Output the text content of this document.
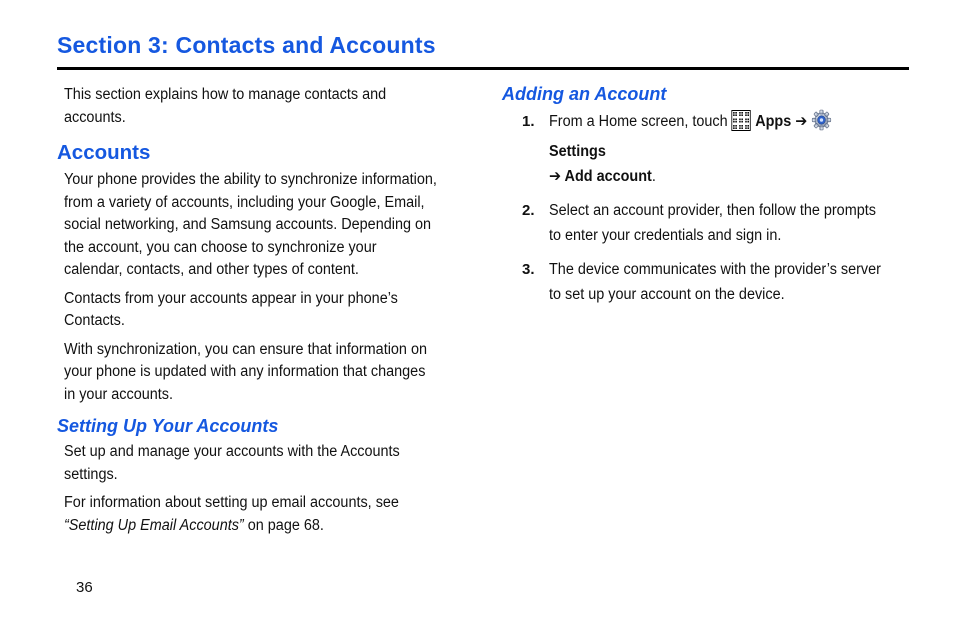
Section 3: Contacts and Accounts

This section explains how to manage contacts and accounts.

Accounts

Your phone provides the ability to synchronize information, from a variety of accounts, including your Google, Email, social networking, and Samsung accounts. Depending on the account, you can choose to synchronize your calendar, contacts, and other types of content.

Contacts from your accounts appear in your phone’s Contacts.

With synchronization, you can ensure that information on your phone is updated with any information that changes in your accounts.

Setting Up Your Accounts

Set up and manage your accounts with the Accounts settings.

For information about setting up email accounts, see “Setting Up Email Accounts” on page 68.

Adding an Account
1. From a Home screen, touch  Apps ➔  Settings
➔ Add account.
2. Select an account provider, then follow the prompts to enter your credentials and sign in.
3. The device communicates with the provider’s server to set up your account on the device.
36
